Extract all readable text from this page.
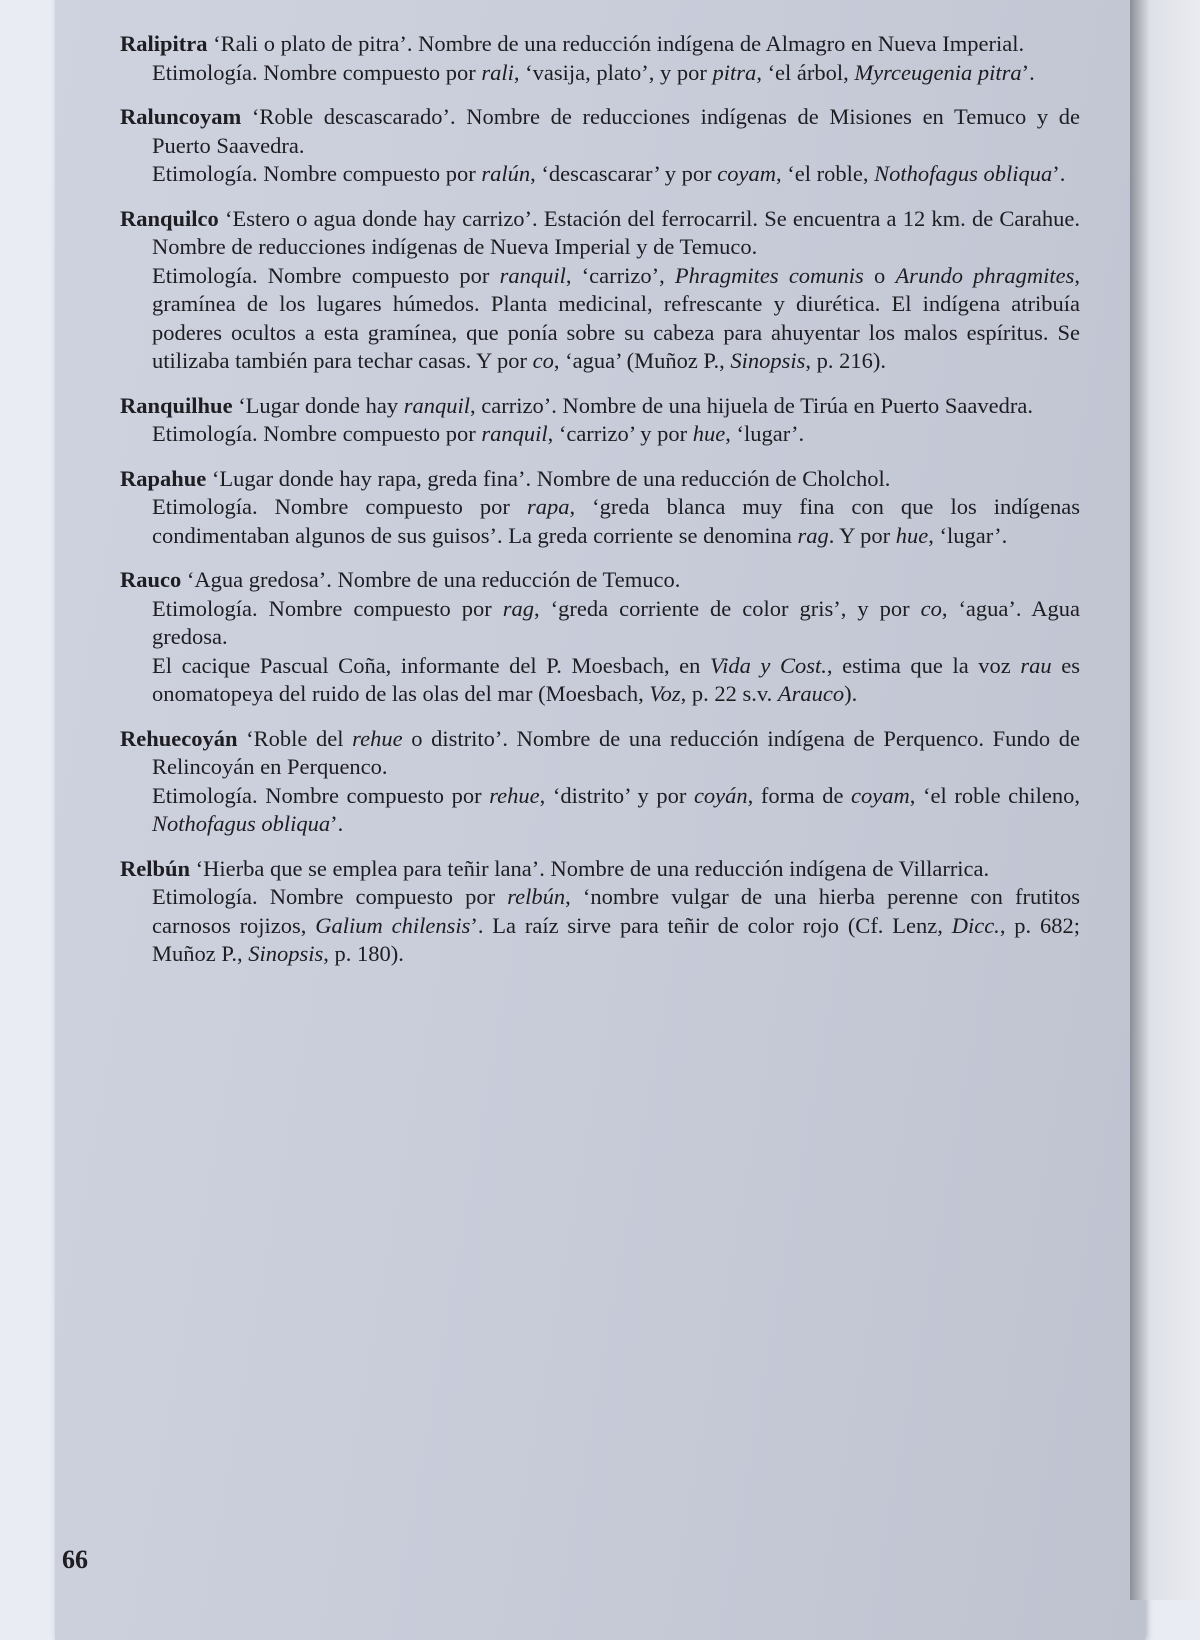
Ralipitra ‘Rali o plato de pitra’. Nombre de una reducción indígena de Almagro en Nueva Imperial.

Etimología. Nombre compuesto por rali, ‘vasija, plato’, y por pitra, ‘el árbol, Myrceugenia pitra’.

Raluncoyam ‘Roble descascarado’. Nombre de reducciones indígenas de Misiones en Temuco y de Puerto Saavedra.

Etimología. Nombre compuesto por ralún, ‘descascarar’ y por coyam, ‘el roble, Nothofagus obliqua’.

Ranquilco ‘Estero o agua donde hay carrizo’. Estación del ferrocarril. Se encuentra a 12 km. de Carahue. Nombre de reducciones indígenas de Nueva Imperial y de Temuco.

Etimología. Nombre compuesto por ranquil, ‘carrizo’, Phragmites comunis o Arundo phragmites, gramínea de los lugares húmedos. Planta medicinal, refrescante y diurética. El indígena atribuía poderes ocultos a esta gramínea, que ponía sobre su cabeza para ahuyentar los malos espíritus. Se utilizaba también para techar casas. Y por co, ‘agua’ (Muñoz P., Sinopsis, p. 216).

Ranquilhue ‘Lugar donde hay ranquil, carrizo’. Nombre de una hijuela de Tirúa en Puerto Saavedra.

Etimología. Nombre compuesto por ranquil, ‘carrizo’ y por hue, ‘lugar’.

Rapahue ‘Lugar donde hay rapa, greda fina’. Nombre de una reducción de Cholchol.

Etimología. Nombre compuesto por rapa, ‘greda blanca muy fina con que los indígenas condimentaban algunos de sus guisos’. La greda corriente se denomina rag. Y por hue, ‘lugar’.

Rauco ‘Agua gredosa’. Nombre de una reducción de Temuco.

Etimología. Nombre compuesto por rag, ‘greda corriente de color gris’, y por co, ‘agua’. Agua gredosa.

El cacique Pascual Coña, informante del P. Moesbach, en Vida y Cost., estima que la voz rau es onomatopeya del ruido de las olas del mar (Moesbach, Voz, p. 22 s.v. Arauco).

Rehuecoyán ‘Roble del rehue o distrito’. Nombre de una reducción indígena de Perquenco. Fundo de Relincoyán en Perquenco.

Etimología. Nombre compuesto por rehue, ‘distrito’ y por coyán, forma de coyam, ‘el roble chileno, Nothofagus obliqua’.

Relbún ‘Hierba que se emplea para teñir lana’. Nombre de una reducción indígena de Villarrica.

Etimología. Nombre compuesto por relbún, ‘nombre vulgar de una hierba perenne con frutitos carnosos rojizos, Galium chilensis’. La raíz sirve para teñir de color rojo (Cf. Lenz, Dicc., p. 682; Muñoz P., Sinopsis, p. 180).

66
